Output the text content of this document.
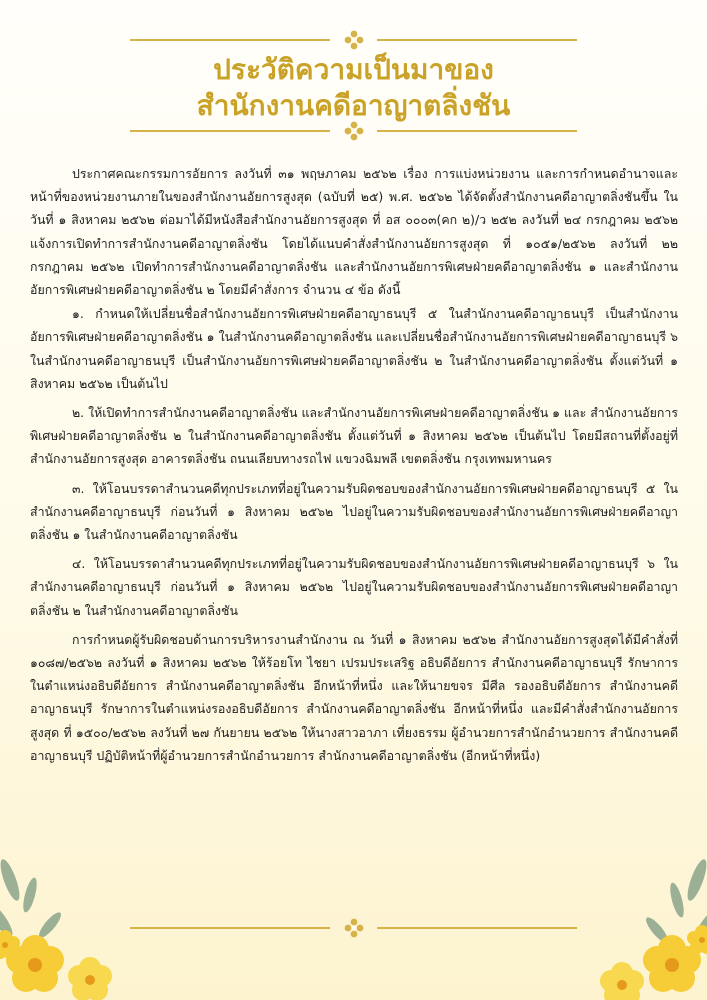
ประวัติความเป็นมาของ
สำนักงานคดีอาญาตลิ่งชัน

ประกาศคณะกรรมการอัยการ ลงวันที่ ๓๑ พฤษภาคม ๒๕๖๒ เรื่อง การแบ่งหน่วยงาน และการกำหนดอำนาจและหน้าที่ของหน่วยงานภายในของสำนักงานอัยการสูงสุด (ฉบับที่ ๒๕) พ.ศ. ๒๕๖๒ ได้จัดตั้งสำนักงานคดีอาญาตลิ่งชันขึ้น ในวันที่ ๑ สิงหาคม ๒๕๖๒ ต่อมาได้มีหนังสือสำนักงานอัยการสูงสุด ที่ อส ๐๐๐๓(คก ๒)/ว ๒๕๒ ลงวันที่ ๒๔ กรกฎาคม ๒๕๖๒ แจ้งการเปิดทำการสำนักงานคดีอาญาตลิ่งชัน โดยได้แนบคำสั่งสำนักงานอัยการสูงสุด ที่ ๑๐๕๑/๒๕๖๒ ลงวันที่ ๒๒ กรกฎาคม ๒๕๖๒ เปิดทำการสำนักงานคดีอาญาตลิ่งชัน และสำนักงานอัยการพิเศษฝ่ายคดีอาญาตลิ่งชัน ๑ และสำนักงานอัยการพิเศษฝ่ายคดีอาญาตลิ่งชัน ๒ โดยมีคำสั่งการ จำนวน ๔ ข้อ ดังนี้

๑. กำหนดให้เปลี่ยนชื่อสำนักงานอัยการพิเศษฝ่ายคดีอาญาธนบุรี ๕ ในสำนักงานคดีอาญาธนบุรี เป็นสำนักงานอัยการพิเศษฝ่ายคดีอาญาตลิ่งชัน ๑ ในสำนักงานคดีอาญาตลิ่งชัน และเปลี่ยนชื่อสำนักงานอัยการพิเศษฝ่ายคดีอาญาธนบุรี ๖ ในสำนักงานคดีอาญาธนบุรี เป็นสำนักงานอัยการพิเศษฝ่ายคดีอาญาตลิ่งชัน ๒ ในสำนักงานคดีอาญาตลิ่งชัน ตั้งแต่วันที่ ๑ สิงหาคม ๒๕๖๒ เป็นต้นไป

๒. ให้เปิดทำการสำนักงานคดีอาญาตลิ่งชัน และสำนักงานอัยการพิเศษฝ่ายคดีอาญาตลิ่งชัน ๑ และ สำนักงานอัยการพิเศษฝ่ายคดีอาญาตลิ่งชัน ๒ ในสำนักงานคดีอาญาตลิ่งชัน ตั้งแต่วันที่ ๑ สิงหาคม ๒๕๖๒ เป็นต้นไป โดยมีสถานที่ตั้งอยู่ที่ สำนักงานอัยการสูงสุด อาคารตลิ่งชัน ถนนเลียบทางรถไฟ แขวงฉิมพลี เขตตลิ่งชัน กรุงเทพมหานคร

๓. ให้โอนบรรดาสำนวนคดีทุกประเภทที่อยู่ในความรับผิดชอบของสำนักงานอัยการพิเศษฝ่ายคดีอาญาธนบุรี ๕ ในสำนักงานคดีอาญาธนบุรี ก่อนวันที่ ๑ สิงหาคม ๒๕๖๒ ไปอยู่ในความรับผิดชอบของสำนักงานอัยการพิเศษฝ่ายคดีอาญาตลิ่งชัน ๑ ในสำนักงานคดีอาญาตลิ่งชัน

๔. ให้โอนบรรดาสำนวนคดีทุกประเภทที่อยู่ในความรับผิดชอบของสำนักงานอัยการพิเศษฝ่ายคดีอาญาธนบุรี ๖ ในสำนักงานคดีอาญาธนบุรี ก่อนวันที่ ๑ สิงหาคม ๒๕๖๒ ไปอยู่ในความรับผิดชอบของสำนักงานอัยการพิเศษฝ่ายคดีอาญาตลิ่งชัน ๒ ในสำนักงานคดีอาญาตลิ่งชัน

การกำหนดผู้รับผิดชอบด้านการบริหารงานสำนักงาน ณ วันที่ ๑ สิงหาคม ๒๕๖๒ สำนักงานอัยการสูงสุดได้มีคำสั่งที่ ๑๐๘๗/๒๕๖๒ ลงวันที่ ๑ สิงหาคม ๒๕๖๒ ให้ร้อยโท ไชยา เปรมประเสริฐ อธิบดีอัยการ สำนักงานคดีอาญาธนบุรี รักษาการในตำแหน่งอธิบดีอัยการ สำนักงานคดีอาญาตลิ่งชัน อีกหน้าที่หนึ่ง และให้นายขจร มีศีล รองอธิบดีอัยการ สำนักงานคดีอาญาธนบุรี รักษาการในตำแหน่งรองอธิบดีอัยการ สำนักงานคดีอาญาตลิ่งชัน อีกหน้าที่หนึ่ง และมีคำสั่งสำนักงานอัยการสูงสุด ที่ ๑๕๐๐/๒๕๖๒ ลงวันที่ ๒๗ กันยายน ๒๕๖๒ ให้นางสาวอาภา เที่ยงธรรม ผู้อำนวยการสำนักอำนวยการ สำนักงานคดีอาญาธนบุรี ปฏิบัติหน้าที่ผู้อำนวยการสำนักอำนวยการ สำนักงานคดีอาญาตลิ่งชัน (อีกหน้าที่หนึ่ง)
